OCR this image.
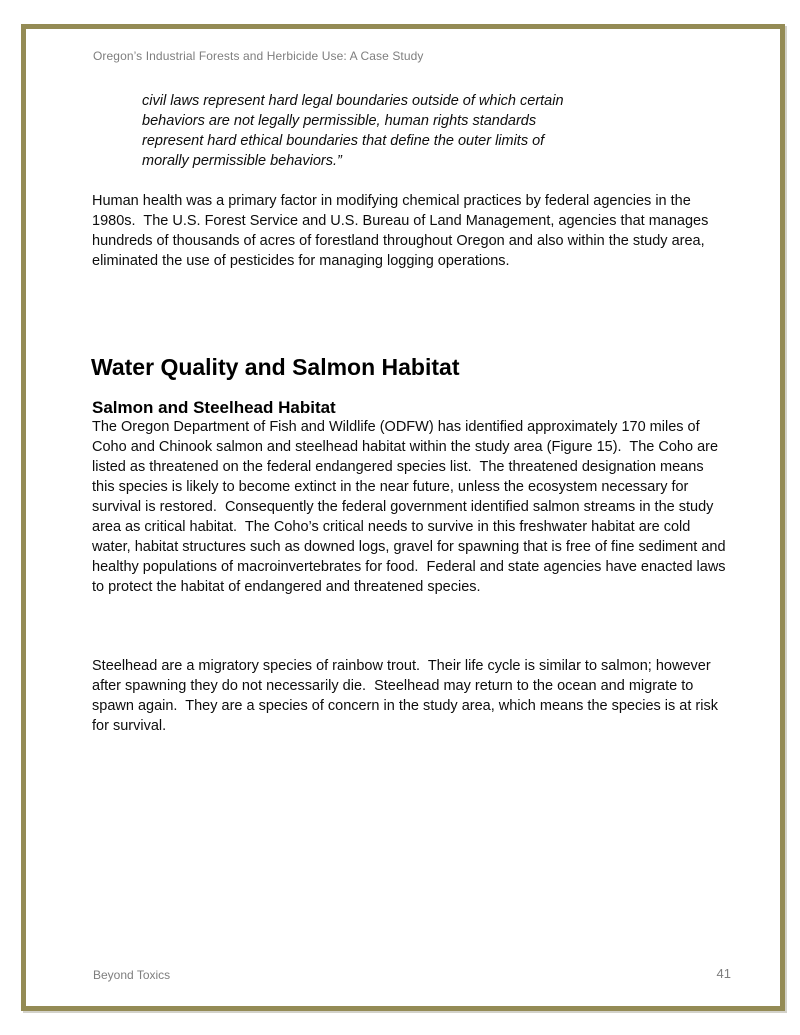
Oregon’s Industrial Forests and Herbicide Use: A Case Study
civil laws represent hard legal boundaries outside of which certain
behaviors are not legally permissible, human rights standards
represent hard ethical boundaries that define the outer limits of
morally permissible behaviors.”
Human health was a primary factor in modifying chemical practices by federal agencies in the 1980s.  The U.S. Forest Service and U.S. Bureau of Land Management, agencies that manages hundreds of thousands of acres of forestland throughout Oregon and also within the study area, eliminated the use of pesticides for managing logging operations.
Water Quality and Salmon Habitat
Salmon and Steelhead Habitat
The Oregon Department of Fish and Wildlife (ODFW) has identified approximately 170 miles of Coho and Chinook salmon and steelhead habitat within the study area (Figure 15).  The Coho are listed as threatened on the federal endangered species list.  The threatened designation means this species is likely to become extinct in the near future, unless the ecosystem necessary for survival is restored.  Consequently the federal government identified salmon streams in the study area as critical habitat.  The Coho’s critical needs to survive in this freshwater habitat are cold water, habitat structures such as downed logs, gravel for spawning that is free of fine sediment and healthy populations of macroinvertebrates for food.  Federal and state agencies have enacted laws to protect the habitat of endangered and threatened species.
Steelhead are a migratory species of rainbow trout.  Their life cycle is similar to salmon; however after spawning they do not necessarily die.  Steelhead may return to the ocean and migrate to spawn again.  They are a species of concern in the study area, which means the species is at risk for survival.
Beyond Toxics	41
